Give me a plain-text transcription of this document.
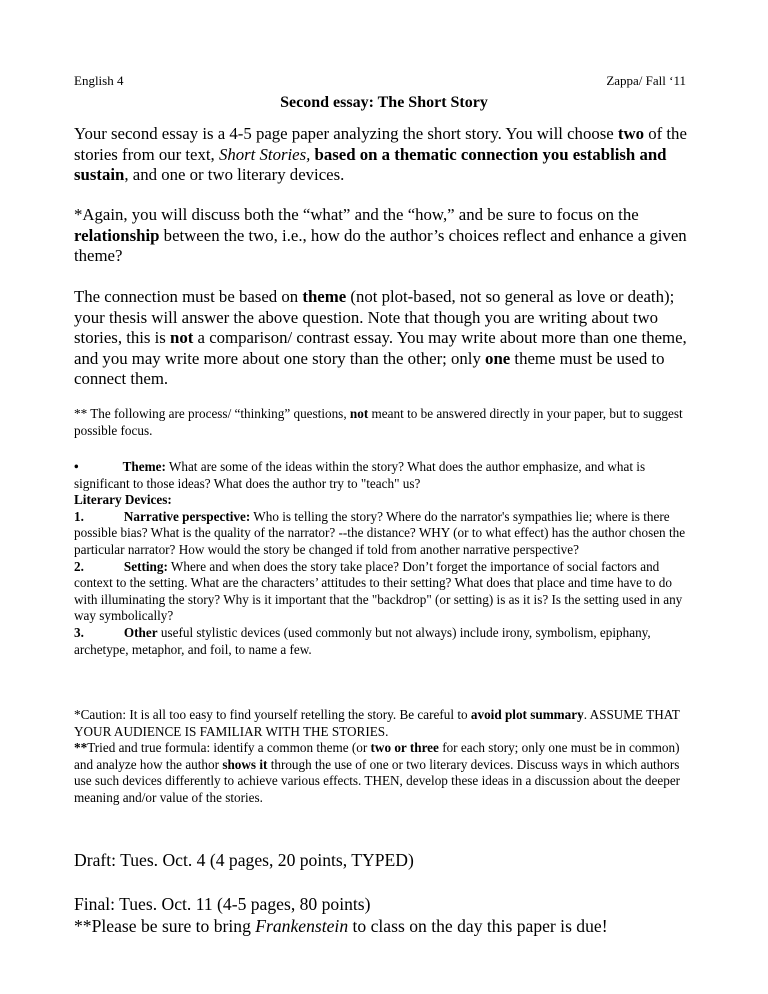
English 4	Zappa/ Fall ‘11
Second essay: The Short Story

Your second essay is a 4-5 page paper analyzing the short story. You will choose two of the stories from our text, Short Stories, based on a thematic connection you establish and sustain, and one or two literary devices.

*Again, you will discuss both the “what” and the “how,” and be sure to focus on the relationship between the two, i.e., how do the author’s choices reflect and enhance a given theme?

The connection must be based on theme (not plot-based, not so general as love or death); your thesis will answer the above question. Note that though you are writing about two stories, this is not a comparison/ contrast essay. You may write about more than one theme, and you may write more about one story than the other; only one theme must be used to connect them.

** The following are process/ “thinking” questions, not meant to be answered directly in your paper, but to suggest possible focus.

•	Theme: What are some of the ideas within the story? What does the author emphasize, and what is significant to those ideas? What does the author try to "teach" us?

Literary Devices:

1.	Narrative perspective: Who is telling the story? Where do the narrator's sympathies lie; where is there possible bias? What is the quality of the narrator? --the distance? WHY (or to what effect) has the author chosen the particular narrator? How would the story be changed if told from another narrative perspective?

2.	Setting: Where and when does the story take place? Don’t forget the importance of social factors and context to the setting. What are the characters’ attitudes to their setting? What does that place and time have to do with illuminating the story? Why is it important that the "backdrop" (or setting) is as it is? Is the setting used in any way symbolically?

3.	Other useful stylistic devices (used commonly but not always) include irony, symbolism, epiphany, archetype, metaphor, and foil, to name a few.

*Caution: It is all too easy to find yourself retelling the story. Be careful to avoid plot summary. ASSUME THAT YOUR AUDIENCE IS FAMILIAR WITH THE STORIES.

**Tried and true formula: identify a common theme (or two or three for each story; only one must be in common) and analyze how the author shows it through the use of one or two literary devices. Discuss ways in which authors use such devices differently to achieve various effects. THEN, develop these ideas in a discussion about the deeper meaning and/or value of the stories.

Draft: Tues. Oct. 4 (4 pages, 20 points, TYPED)

Final: Tues. Oct. 11 (4-5 pages, 80 points)

**Please be sure to bring Frankenstein to class on the day this paper is due!
